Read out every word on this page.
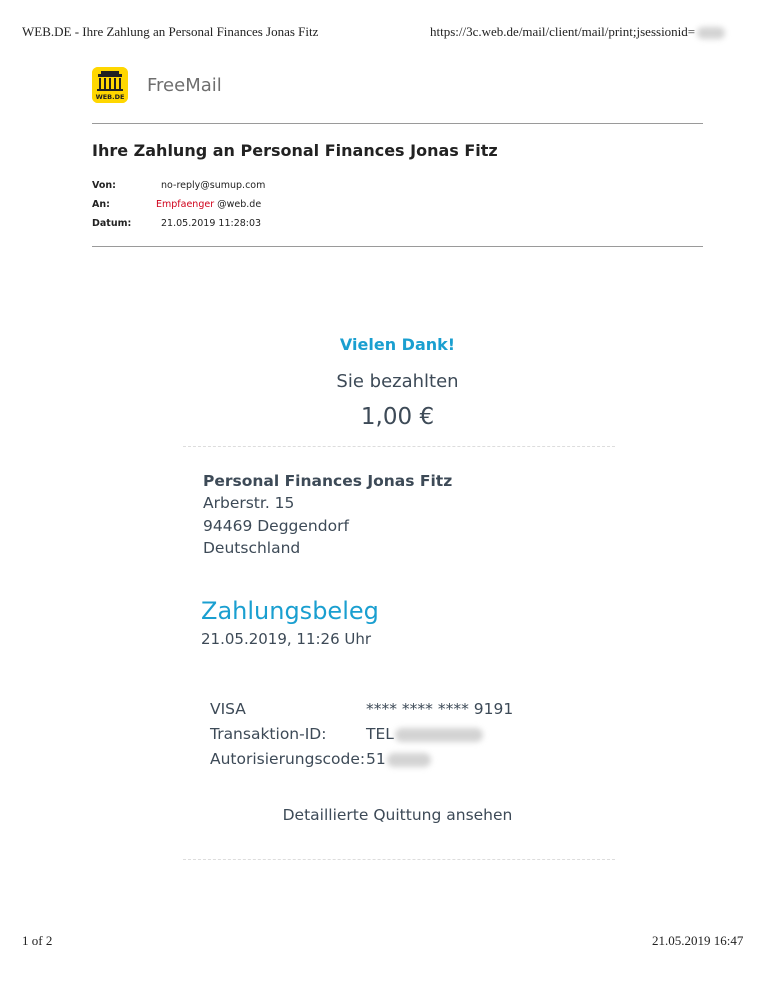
WEB.DE - Ihre Zahlung an Personal Finances Jonas Fitz	https://3c.web.de/mail/client/mail/print;jsessionid=
WEB.DE
FreeMail
Ihre Zahlung an Personal Finances Jonas Fitz
Von:	no-reply@sumup.com
An:	Empfaenger @web.de
Datum:	21.05.2019 11:28:03
Vielen Dank!
Sie bezahlten
1,00 €
Personal Finances Jonas Fitz
Arberstr. 15
94469 Deggendorf
Deutschland
Zahlungsbeleg
21.05.2019, 11:26 Uhr
VISA	**** **** **** 9191
Transaktion-ID:	TEL
Autorisierungscode: 51
Detaillierte Quittung ansehen
1 of 2	21.05.2019 16:47
